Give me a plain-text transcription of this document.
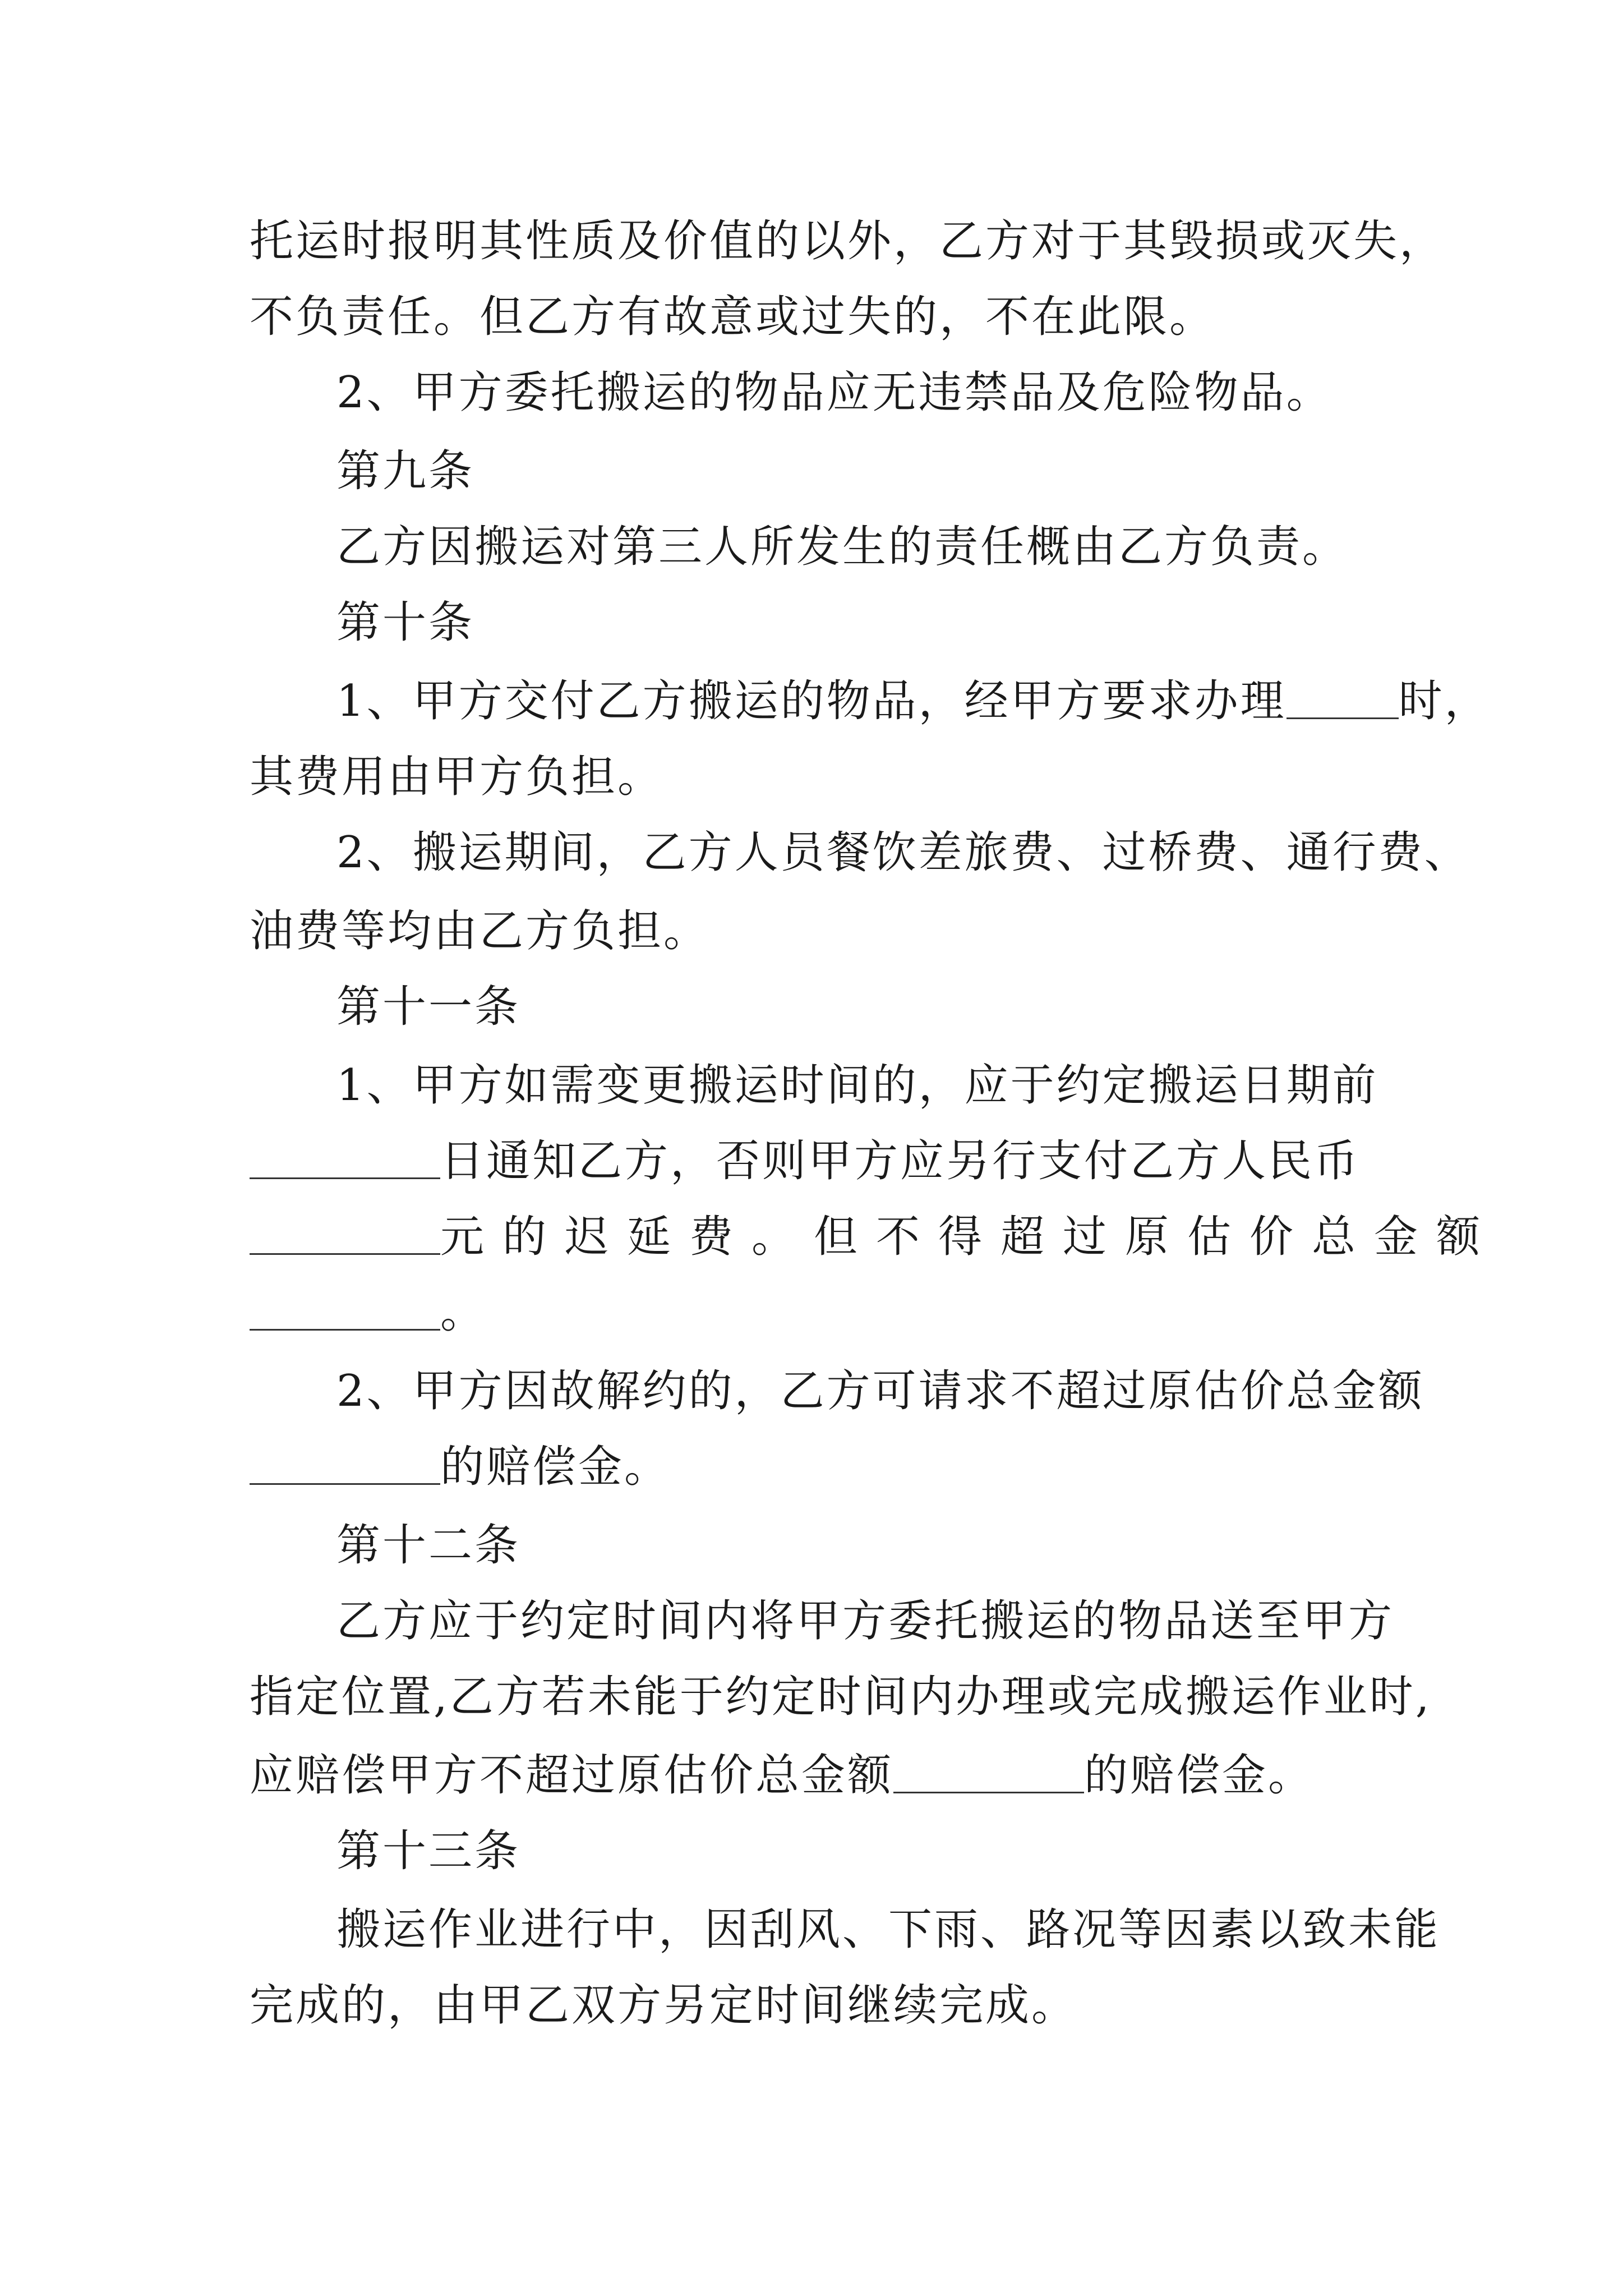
托运时报明其性质及价值的以外，乙方对于其毁损或灭失，
不负责任。但乙方有故意或过失的，不在此限。
2、甲方委托搬运的物品应无违禁品及危险物品。
第九条
乙方因搬运对第三人所发生的责任概由乙方负责。
第十条
1、甲方交付乙方搬运的物品，经甲方要求办理	时，
其费用由甲方负担。
2、搬运期间，乙方人员餐饮差旅费、过桥费、通行费、
油费等均由乙方负担。
第十一条
1、甲方如需变更搬运时间的，应于约定搬运日期前
日通知乙方，否则甲方应另行支付乙方人民币
元的迟延费。但不得超过原估价总金额
。
2、甲方因故解约的，乙方可请求不超过原估价总金额
的赔偿金。
第十二条
乙方应于约定时间内将甲方委托搬运的物品送至甲方
指定位置,乙方若未能于约定时间内办理或完成搬运作业时,
应赔偿甲方不超过原估价总金额	的赔偿金。
第十三条
搬运作业进行中，因刮风、下雨、路况等因素以致未能
完成的，由甲乙双方另定时间继续完成。
